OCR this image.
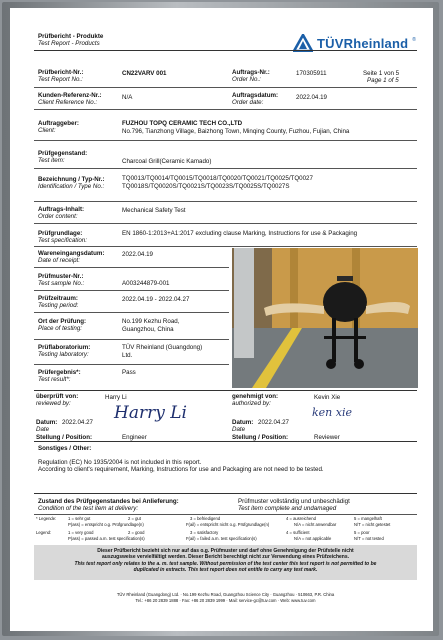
Prüfbericht - Produkte
Test Report - Products	TÜVRheinland ®
Prüfbericht-Nr.:
Test Report No.:
CN22VARV 001	Auftrags-Nr.:
Order No.:
170305911	Seite 1 von 5
Page 1 of 5
Kunden-Referenz-Nr.:
Client Reference No.:
N/A	Auftragsdatum:
Order date:
2022.04.19
Auftraggeber:
Client:
FUZHOU TOPQ CERAMIC TECH CO.,LTD
No.796, Tianzhong Village, Baizhong Town, Minqing County, Fuzhou, Fujian, China
Prüfgegenstand:
Test item:	Charcoal Grill(Ceramic Kamado)
Bezeichnung / Typ-Nr.:
Identification / Type No.:
TQ0013/TQ0014/TQ0015/TQ0018/TQ0020/TQ0021/TQ0025/TQ0027
TQ0018S/TQ0020S/TQ0021S/TQ0023S/TQ0025S/TQ0027S
Auftrags-Inhalt:
Order content:
Mechanical Safety Test
Prüfgrundlage:
Test specification:
EN 1860-1:2013+A1:2017 excluding clause Marking, Instructions for use & Packaging
Wareneingangsdatum:
Date of receipt:
2022.04.19
Prüfmuster-Nr.:
Test sample No.:	A003244879-001
Prüfzeitraum:
Testing period:
2022.04.19 - 2022.04.27
Ort der Prüfung:
Place of testing:
No.199 Kezhu Road,
Guangzhou, China
Prüflaboratorium:
Testing laboratory:
TÜV Rheinland (Guangdong)
Ltd.
Prüfergebnis*:
Test result*:
Pass
überprüft von:
reviewed by:
Harry Li
Harry Li
Datum:
Date
2022.04.27
Stellung / Position:	Engineer
genehmigt von:
authorized by:
Kevin Xie
ken xie
Datum:
Date
2022.04.27
Stellung / Position:	Reviewer
Sonstiges / Other:
Regulation (EC) No 1935/2004 is not included in this report.
According to client's requirement, Marking, Instructions for use and Packaging are not need to be tested.
Zustand des Prüfgegenstandes bei Anlieferung:
Condition of the test item at delivery:
Prüfmuster vollständig und unbeschädigt
Test item complete and undamaged
* Legende:	1 = sehr gut	2 = gut	3 = befriedigend	4 = ausreichend	5 = mangelhaft
P(ass) = entspricht o.g. Prüfgrundlage(n)	F(ail) = entspricht nicht o.g. Prüfgrundlage(n)	N/A = nicht anwendbar	N/T = nicht getestet
Legend:	1 = very good	2 = good	3 = satisfactory	4 = sufficient	5 = poor
P(ass) = passed a.m. test specification(s)	F(ail) = failed a.m. test specification(s)	N/A = not applicable	N/T = not tested
Dieser Prüfbericht bezieht sich nur auf das o.g. Prüfmuster und darf ohne Genehmigung der Prüfstelle nicht
auszugsweise vervielfältigt werden. Dieser Bericht berechtigt nicht zur Verwendung eines Prüfzeichens.
This test report only relates to the a. m. test sample. Without permission of the test center this test report is not permitted to be
duplicated in extracts. This test report does not entitle to carry any test mark.
TÜV Rheinland (Guangdong) Ltd. · No.199 Kezhu Road, Guangzhou Science City · Guangzhou · 510663, P.R. China
Tel.: +86 20 2839 1888 · Fax: +86 20 2839 1999 · Mail: service-gc@tuv.com · Web: www.tuv.com
